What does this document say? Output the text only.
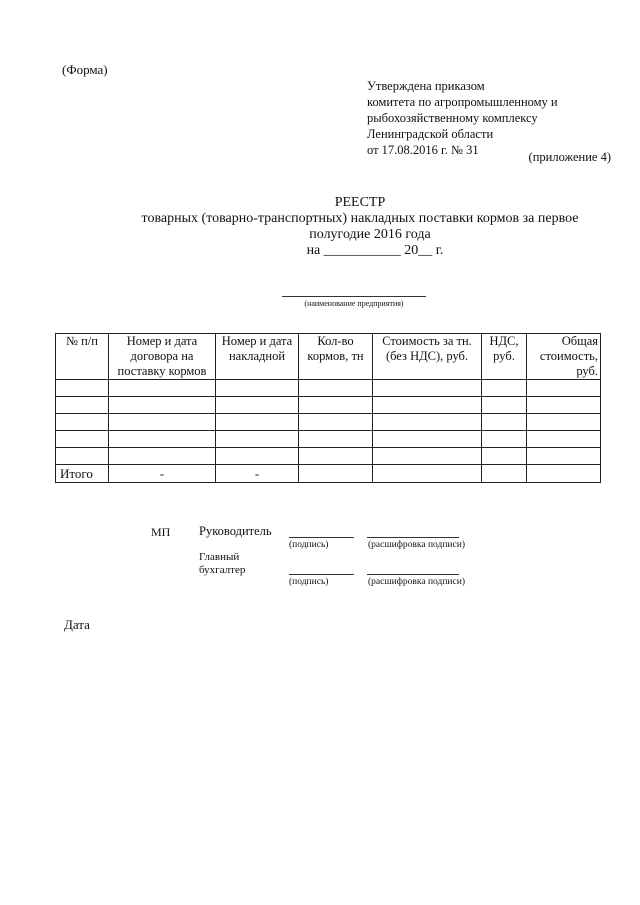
(Форма)
Утверждена приказом
комитета по агропромышленному и
рыбохозяйственному комплексу
Ленинградской области
от 17.08.2016 г. № 31	(приложение 4)
РЕЕСТР
товарных (товарно-транспортных) накладных поставки кормов за первое
полугодие 2016 года
на ___________ 20__ г.
(наименование предприятия)
№ п/п	Номер и дата договора на поставку кормов	Номер и дата накладной	Кол-во кормов, тн	Стоимость за тн. (без НДС), руб.	НДС, руб.	Общая стоимость, руб.

Итого	-	-				
МП Руководитель
(подпись)	(расшифровка подписи)
Главный бухгалтер
(подпись)	(расшифровка подписи)
Дата
